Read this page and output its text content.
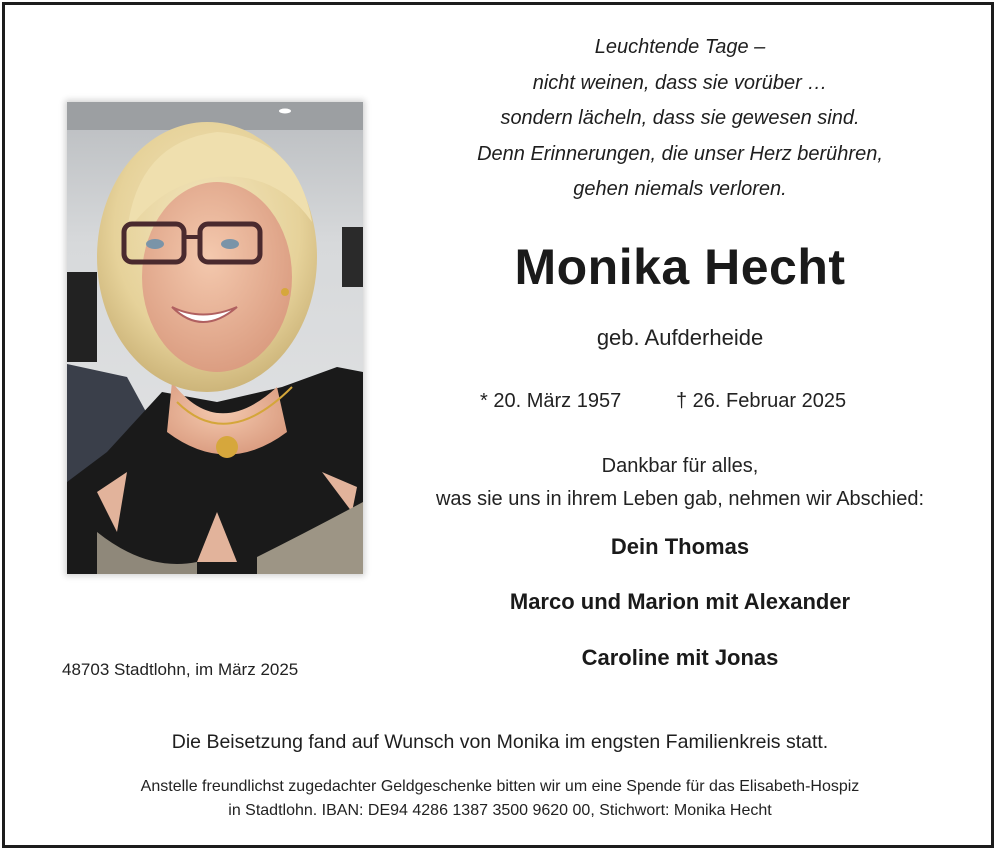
Leuchtende Tage –
nicht weinen, dass sie vorüber …
sondern lächeln, dass sie gewesen sind.
Denn Erinnerungen, die unser Herz berühren,
gehen niemals verloren.
Monika Hecht
geb. Aufderheide
* 20. März 1957	† 26. Februar 2025
Dankbar für alles,
was sie uns in ihrem Leben gab, nehmen wir Abschied:
Dein Thomas
Marco und Marion mit Alexander
Caroline mit Jonas
48703 Stadtlohn, im März 2025
Die Beisetzung fand auf Wunsch von Monika im engsten Familienkreis statt.
Anstelle freundlichst zugedachter Geldgeschenke bitten wir um eine Spende für das Elisabeth-Hospiz
in Stadtlohn. IBAN: DE94 4286 1387 3500 9620 00, Stichwort: Monika Hecht
